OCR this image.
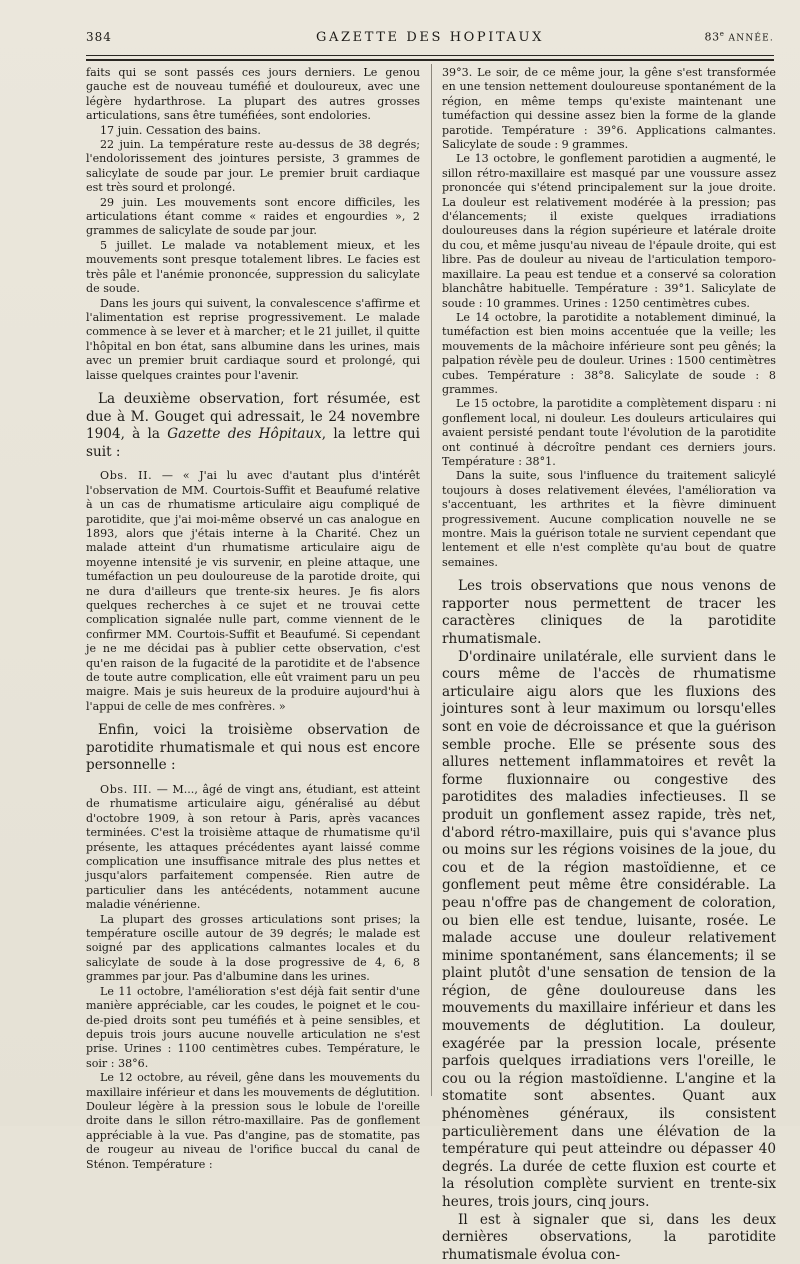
384	GAZETTE DES HOPITAUX	83e ANNÉE.

faits qui se sont passés ces jours derniers. Le genou gauche est de nouveau tuméfié et douloureux, avec une légère hydarthrose. La plupart des autres grosses articulations, sans être tuméfiées, sont endolories.

17 juin. Cessation des bains.

22 juin. La température reste au-dessus de 38 degrés; l'endolorissement des jointures persiste, 3 grammes de salicylate de soude par jour. Le premier bruit cardiaque est très sourd et prolongé.

29 juin. Les mouvements sont encore difficiles, les articulations étant comme « raides et engourdies », 2 grammes de salicylate de soude par jour.

5 juillet. Le malade va notablement mieux, et les mouvements sont presque totalement libres. Le facies est très pâle et l'anémie prononcée, suppression du salicylate de soude.

Dans les jours qui suivent, la convalescence s'affirme et l'alimentation est reprise progressivement. Le malade commence à se lever et à marcher; et le 21 juillet, il quitte l'hôpital en bon état, sans albumine dans les urines, mais avec un premier bruit cardiaque sourd et prolongé, qui laisse quelques craintes pour l'avenir.

La deuxième observation, fort résumée, est due à M. Gouget qui adressait, le 24 novembre 1904, à la Gazette des Hôpitaux, la lettre qui suit :

Obs. II. — « J'ai lu avec d'autant plus d'intérêt l'observation de MM. Courtois-Suffit et Beaufumé relative à un cas de rhumatisme articulaire aigu compliqué de parotidite, que j'ai moi-même observé un cas analogue en 1893, alors que j'étais interne à la Charité. Chez un malade atteint d'un rhumatisme articulaire aigu de moyenne intensité je vis survenir, en pleine attaque, une tuméfaction un peu douloureuse de la parotide droite, qui ne dura d'ailleurs que trente-six heures. Je fis alors quelques recherches à ce sujet et ne trouvai cette complication signalée nulle part, comme viennent de le confirmer MM. Courtois-Suffit et Beaufumé. Si cependant je ne me décidai pas à publier cette observation, c'est qu'en raison de la fugacité de la parotidite et de l'absence de toute autre complication, elle eût vraiment paru un peu maigre. Mais je suis heureux de la produire aujourd'hui à l'appui de celle de mes confrères. »

Enfin, voici la troisième observation de parotidite rhumatismale et qui nous est encore personnelle :

Obs. III. — M..., âgé de vingt ans, étudiant, est atteint de rhumatisme articulaire aigu, généralisé au début d'octobre 1909, à son retour à Paris, après vacances terminées. C'est la troisième attaque de rhumatisme qu'il présente, les attaques précédentes ayant laissé comme complication une insuffisance mitrale des plus nettes et jusqu'alors parfaitement compensée. Rien autre de particulier dans les antécédents, notamment aucune maladie vénérienne.

La plupart des grosses articulations sont prises; la température oscille autour de 39 degrés; le malade est soigné par des applications calmantes locales et du salicylate de soude à la dose progressive de 4, 6, 8 grammes par jour. Pas d'albumine dans les urines.

Le 11 octobre, l'amélioration s'est déjà fait sentir d'une manière appréciable, car les coudes, le poignet et le cou-de-pied droits sont peu tuméfiés et à peine sensibles, et depuis trois jours aucune nouvelle articulation ne s'est prise. Urines : 1100 centimètres cubes. Température, le soir : 38°6.

Le 12 octobre, au réveil, gêne dans les mouvements du maxillaire inférieur et dans les mouvements de déglutition. Douleur légère à la pression sous le lobule de l'oreille droite dans le sillon rétro-maxillaire. Pas de gonflement appréciable à la vue. Pas d'angine, pas de stomatite, pas de rougeur au niveau de l'orifice buccal du canal de Sténon. Température :

39°3. Le soir, de ce même jour, la gêne s'est transformée en une tension nettement douloureuse spontanément de la région, en même temps qu'existe maintenant une tuméfaction qui dessine assez bien la forme de la glande parotide. Température : 39°6. Applications calmantes. Salicylate de soude : 9 grammes.

Le 13 octobre, le gonflement parotidien a augmenté, le sillon rétro-maxillaire est masqué par une voussure assez prononcée qui s'étend principalement sur la joue droite. La douleur est relativement modérée à la pression; pas d'élancements; il existe quelques irradiations douloureuses dans la région supérieure et latérale droite du cou, et même jusqu'au niveau de l'épaule droite, qui est libre. Pas de douleur au niveau de l'articulation temporo-maxillaire. La peau est tendue et a conservé sa coloration blanchâtre habituelle. Température : 39°1. Salicylate de soude : 10 grammes. Urines : 1250 centimètres cubes.

Le 14 octobre, la parotidite a notablement diminué, la tuméfaction est bien moins accentuée que la veille; les mouvements de la mâchoire inférieure sont peu gênés; la palpation révèle peu de douleur. Urines : 1500 centimètres cubes. Température : 38°8. Salicylate de soude : 8 grammes.

Le 15 octobre, la parotidite a complètement disparu : ni gonflement local, ni douleur. Les douleurs articulaires qui avaient persisté pendant toute l'évolution de la parotidite ont continué à décroître pendant ces derniers jours. Température : 38°1.

Dans la suite, sous l'influence du traitement salicylé toujours à doses relativement élevées, l'amélioration va s'accentuant, les arthrites et la fièvre diminuent progressivement. Aucune complication nouvelle ne se montre. Mais la guérison totale ne survient cependant que lentement et elle n'est complète qu'au bout de quatre semaines.

Les trois observations que nous venons de rapporter nous permettent de tracer les caractères cliniques de la parotidite rhumatismale.

D'ordinaire unilatérale, elle survient dans le cours même de l'accès de rhumatisme articulaire aigu alors que les fluxions des jointures sont à leur maximum ou lorsqu'elles sont en voie de décroissance et que la guérison semble proche. Elle se présente sous des allures nettement inflammatoires et revêt la forme fluxionnaire ou congestive des parotidites des maladies infectieuses. Il se produit un gonflement assez rapide, très net, d'abord rétro-maxillaire, puis qui s'avance plus ou moins sur les régions voisines de la joue, du cou et de la région mastoïdienne, et ce gonflement peut même être considérable. La peau n'offre pas de changement de coloration, ou bien elle est tendue, luisante, rosée. Le malade accuse une douleur relativement minime spontanément, sans élancements; il se plaint plutôt d'une sensation de tension de la région, de gêne douloureuse dans les mouvements du maxillaire inférieur et dans les mouvements de déglutition. La douleur, exagérée par la pression locale, présente parfois quelques irradiations vers l'oreille, le cou ou la région mastoïdienne. L'angine et la stomatite sont absentes. Quant aux phénomènes généraux, ils consistent particulièrement dans une élévation de la température qui peut atteindre ou dépasser 40 degrés. La durée de cette fluxion est courte et la résolution complète survient en trente-six heures, trois jours, cinq jours.

Il est à signaler que si, dans les deux dernières observations, la parotidite rhumatismale évolua con-
